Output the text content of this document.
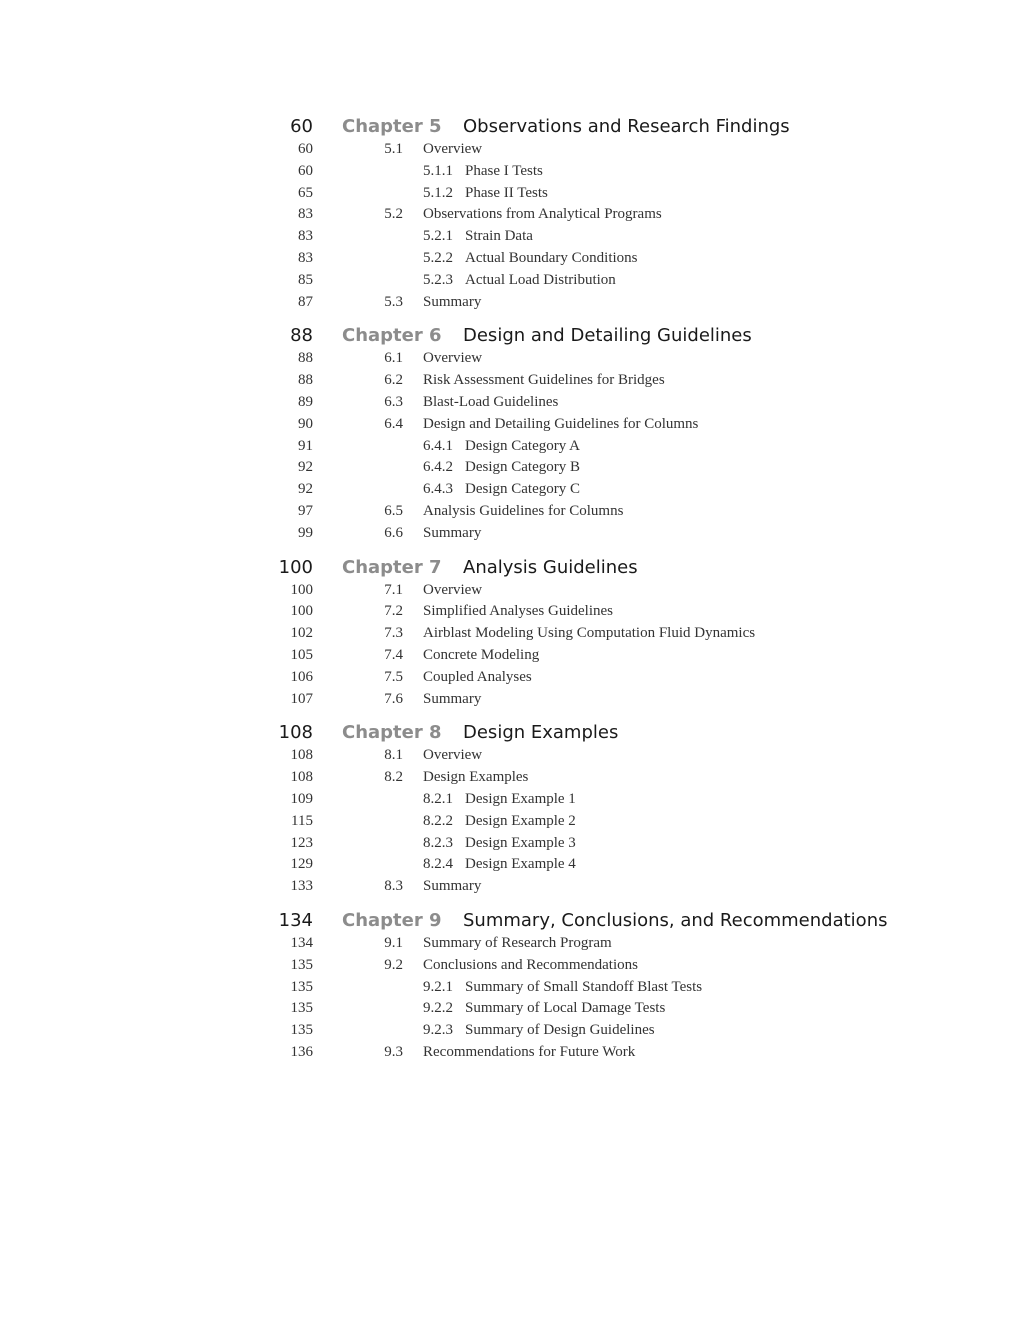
60 Chapter 5 Observations and Research Findings
60	5.1 Overview
60	5.1.1 Phase I Tests
65	5.1.2 Phase II Tests
83	5.2 Observations from Analytical Programs
83	5.2.1 Strain Data
83	5.2.2 Actual Boundary Conditions
85	5.2.3 Actual Load Distribution
87	5.3 Summary
88 Chapter 6 Design and Detailing Guidelines
88	6.1 Overview
88	6.2 Risk Assessment Guidelines for Bridges
89	6.3 Blast-Load Guidelines
90	6.4 Design and Detailing Guidelines for Columns
91	6.4.1 Design Category A
92	6.4.2 Design Category B
92	6.4.3 Design Category C
97	6.5 Analysis Guidelines for Columns
99	6.6 Summary
100 Chapter 7 Analysis Guidelines
100	7.1 Overview
100	7.2 Simplified Analyses Guidelines
102	7.3 Airblast Modeling Using Computation Fluid Dynamics
105	7.4 Concrete Modeling
106	7.5 Coupled Analyses
107	7.6 Summary
108 Chapter 8 Design Examples
108	8.1 Overview
108	8.2 Design Examples
109	8.2.1 Design Example 1
115	8.2.2 Design Example 2
123	8.2.3 Design Example 3
129	8.2.4 Design Example 4
133	8.3 Summary
134 Chapter 9 Summary, Conclusions, and Recommendations
134	9.1 Summary of Research Program
135	9.2 Conclusions and Recommendations
135	9.2.1 Summary of Small Standoff Blast Tests
135	9.2.2 Summary of Local Damage Tests
135	9.2.3 Summary of Design Guidelines
136	9.3 Recommendations for Future Work
